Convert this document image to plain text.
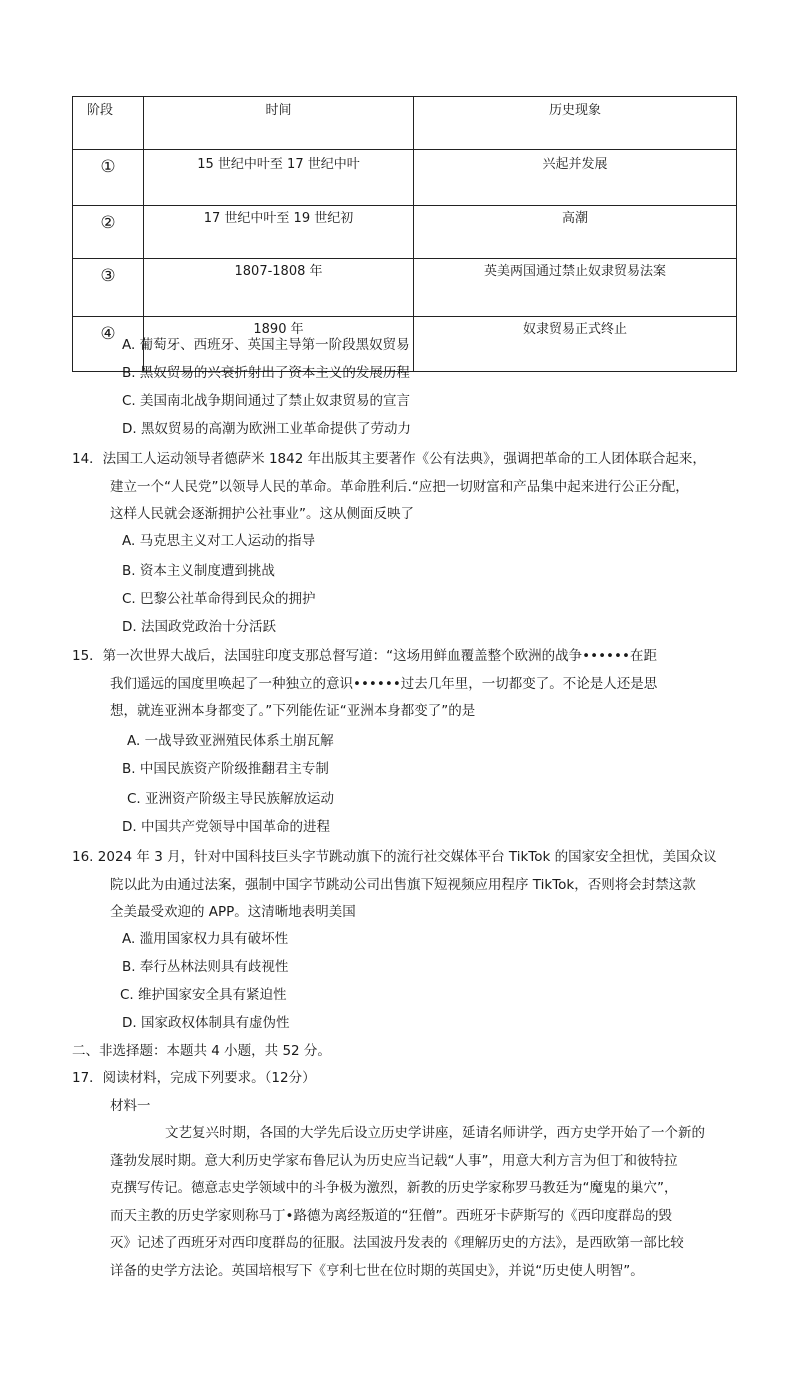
阶段	时间	历史现象
①	15 世纪中叶至 17 世纪中叶	兴起并发展
②	17 世纪中叶至 19 世纪初	高潮
③	1807-1808 年	英美两国通过禁止奴隶贸易法案
④	1890 年	奴隶贸易正式终止
A. 葡萄牙、西班牙、英国主导第一阶段黑奴贸易
B. 黑奴贸易的兴衰折射出了资本主义的发展历程
C. 美国南北战争期间通过了禁止奴隶贸易的宣言
D. 黑奴贸易的高潮为欧洲工业革命提供了劳动力
14．法国工人运动领导者德萨米 1842 年出版其主要著作《公有法典》，强调把革命的工人团体联合起来，
建立一个“人民党”以领导人民的革命。革命胜利后.“应把一切财富和产品集中起来进行公正分配，
这样人民就会逐渐拥护公社事业”。这从侧面反映了
A. 马克思主义对工人运动的指导
B. 资本主义制度遭到挑战
C. 巴黎公社革命得到民众的拥护
D. 法国政党政治十分活跃
15．第一次世界大战后，法国驻印度支那总督写道：“这场用鲜血覆盖整个欧洲的战争••••••在距
我们遥远的国度里唤起了一种独立的意识••••••过去几年里，一切都变了。不论是人还是思
想，就连亚洲本身都变了。”下列能佐证“亚洲本身都变了”的是
A. 一战导致亚洲殖民体系土崩瓦解
B. 中国民族资产阶级推翻君主专制
C. 亚洲资产阶级主导民族解放运动
D. 中国共产党领导中国革命的进程
16. 2024 年 3 月，针对中国科技巨头字节跳动旗下的流行社交媒体平台 TikTok 的国家安全担忧，美国众议
院以此为由通过法案，强制中国字节跳动公司出售旗下短视频应用程序 TikTok，否则将会封禁这款
全美最受欢迎的 APP。这清晰地表明美国
A. 滥用国家权力具有破坏性
B. 奉行丛林法则具有歧视性
C. 维护国家安全具有紧迫性
D. 国家政权体制具有虚伪性
二、非选择题：本题共 4 小题，共 52 分。
17．阅读材料，完成下列要求。（12分）
材料一
文艺复兴时期，各国的大学先后设立历史学讲座，延请名师讲学，西方史学开始了一个新的
蓬勃发展时期。意大利历史学家布鲁尼认为历史应当记载“人事”，用意大利方言为但丁和彼特拉
克撰写传记。德意志史学领域中的斗争极为激烈，新教的历史学家称罗马教廷为“魔鬼的巢穴”，
而天主教的历史学家则称马丁•路德为离经叛道的“狂僧”。西班牙卡萨斯写的《西印度群岛的毁
灭》记述了西班牙对西印度群岛的征服。法国波丹发表的《理解历史的方法》，是西欧第一部比较
详备的史学方法论。英国培根写下《亨利七世在位时期的英国史》，并说“历史使人明智”。
